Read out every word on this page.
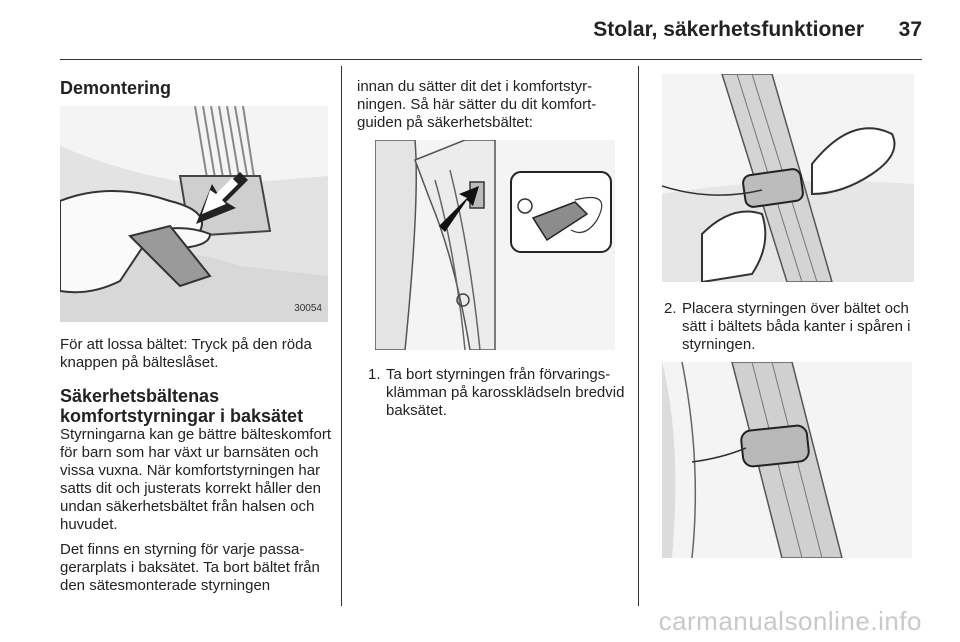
Stolar, säkerhetsfunktioner 37
Demontering
30054

För att lossa bältet: Tryck på den röda knappen på bälteslåset.

Säkerhetsbältenas komfortstyrningar i baksätet

Styrningarna kan ge bättre bälteskomfort för barn som har växt ur barnsäten och vissa vuxna. När komfortstyrningen har satts dit och justerats korrekt håller den undan säkerhetsbältet från halsen och huvudet.

Det finns en styrning för varje passagerarplats i baksätet. Ta bort bältet från den sätesmonterade styrningen

innan du sätter dit det i komfortstyrningen. Så här sätter du dit komfortguiden på säkerhetsbältet:

1. Ta bort styrningen från förvaringsklämman på karossklädseln bredvid baksätet.
2. Placera styrningen över bältet och sätt i bältets båda kanter i spåren i styrningen.
carmanualsonline.info
